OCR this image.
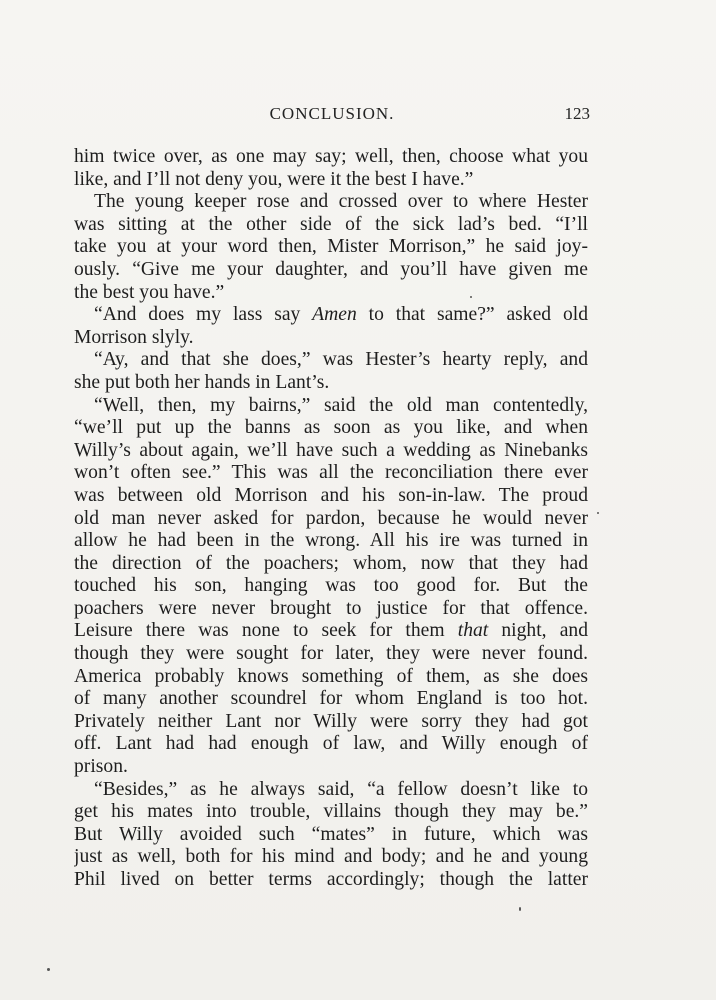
CONCLUSION.	123
him twice over, as one may say; well, then, choose what you
like, and I’ll not deny you, were it the best I have.”
The young keeper rose and crossed over to where Hester
was sitting at the other side of the sick lad’s bed. “I’ll
take you at your word then, Mister Morrison,” he said joy-
ously. “Give me your daughter, and you’ll have given me
the best you have.”
“And does my lass say Amen to that same?” asked old
Morrison slyly.
“Ay, and that she does,” was Hester’s hearty reply, and
she put both her hands in Lant’s.
“Well, then, my bairns,” said the old man contentedly,
“we’ll put up the banns as soon as you like, and when
Willy’s about again, we’ll have such a wedding as Ninebanks
won’t often see.” This was all the reconciliation there ever
was between old Morrison and his son-in-law. The proud
old man never asked for pardon, because he would never
allow he had been in the wrong. All his ire was turned in
the direction of the poachers; whom, now that they had
touched his son, hanging was too good for. But the
poachers were never brought to justice for that offence.
Leisure there was none to seek for them that night, and
though they were sought for later, they were never found.
America probably knows something of them, as she does
of many another scoundrel for whom England is too hot.
Privately neither Lant nor Willy were sorry they had got
off. Lant had had enough of law, and Willy enough of
prison.
“Besides,” as he always said, “a fellow doesn’t like to
get his mates into trouble, villains though they may be.”
But Willy avoided such “mates” in future, which was
just as well, both for his mind and body; and he and young
Phil lived on better terms accordingly; though the latter
